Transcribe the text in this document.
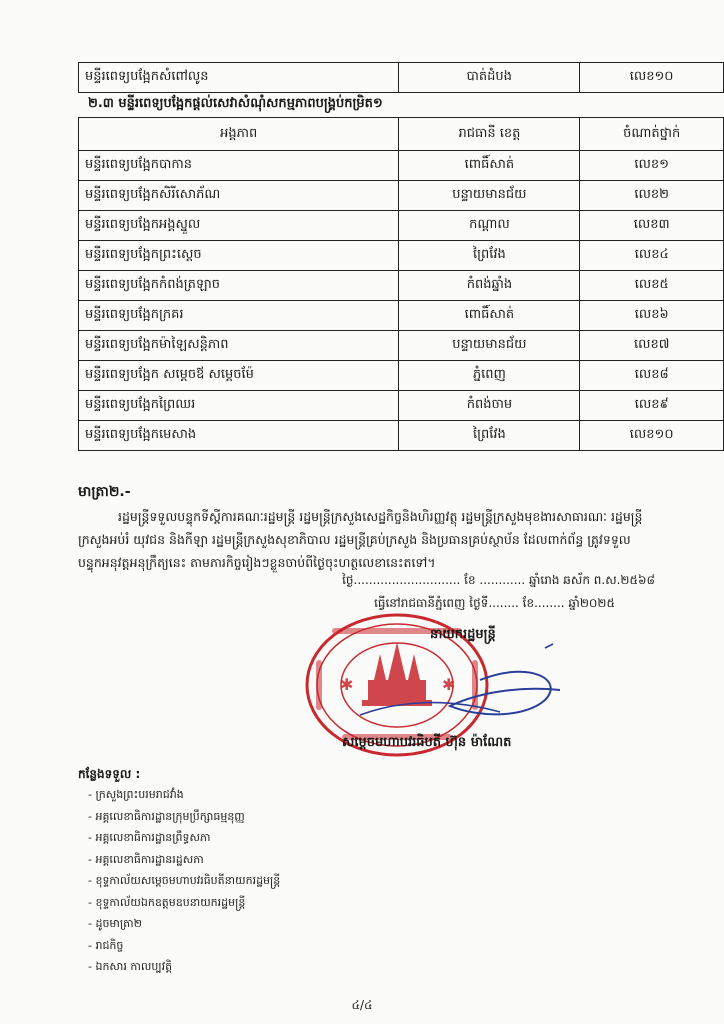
មន្ទីរពេទ្យបង្អែកសំពៅលូន	បាត់ដំបង	លេខ១០
២.៣ មន្ទីរពេទ្យបង្អែកផ្តល់សេវាសំណុំសកម្មភាពបង្គ្រប់កម្រិត១
អង្គភាព	រាជធានី ខេត្ត	ចំណាត់ថ្នាក់
មន្ទីរពេទ្យបង្អែកបាកាន	ពោធិ៍សាត់	លេខ១
មន្ទីរពេទ្យបង្អែកសិរីសោភ័ណ	បន្ទាយមានជ័យ	លេខ២
មន្ទីរពេទ្យបង្អែកអង្គស្នួល	កណ្តាល	លេខ៣
មន្ទីរពេទ្យបង្អែកព្រះស្តេច	ព្រៃវែង	លេខ៤
មន្ទីរពេទ្យបង្អែកកំពង់ត្រឡាច	កំពង់ឆ្នាំង	លេខ៥
មន្ទីរពេទ្យបង្អែកក្រគរ	ពោធិ៍សាត់	លេខ៦
មន្ទីរពេទ្យបង្អែកម៉ាឡៃសន្តិភាព	បន្ទាយមានជ័យ	លេខ៧
មន្ទីរពេទ្យបង្អែក សម្តេចឪ សម្តេចម៉ែ	ភ្នំពេញ	លេខ៨
មន្ទីរពេទ្យបង្អែកព្រៃឈរ	កំពង់ចាម	លេខ៩
មន្ទីរពេទ្យបង្អែកមេសាង	ព្រៃវែង	លេខ១០
មាត្រា២.-

រដ្ឋមន្ត្រីទទួលបន្ទុកទីស្តីការគណៈរដ្ឋមន្ត្រី រដ្ឋមន្ត្រីក្រសួងសេដ្ឋកិច្ចនិងហិរញ្ញវត្ថុ រដ្ឋមន្ត្រីក្រសួងមុខងារសាធារណៈ រដ្ឋមន្ត្រីក្រសួងអប់រំ យុវជន និងកីឡា រដ្ឋមន្ត្រីក្រសួងសុខាភិបាល រដ្ឋមន្ត្រីគ្រប់ក្រសួង និងប្រធានគ្រប់ស្ថាប័ន ដែលពាក់ព័ន្ធ ត្រូវទទួលបន្ទុកអនុវត្តអនុក្រឹត្យនេះ តាមភារកិច្ចរៀងៗខ្លួនចាប់ពីថ្ងៃចុះហត្ថលេខានេះតទៅ។

ថ្ងៃ............................ ខែ ............ ឆ្នាំរោង ឆស័ក ព.ស.២៥៦៨
ធ្វើនៅរាជធានីភ្នំពេញ ថ្ងៃទី........ ខែ........ ឆ្នាំ២០២៥
✱	✱
នាយករដ្ឋមន្ត្រី
សម្តេចមហាបវរធិបតី ហ៊ុន ម៉ាណែត
កន្លែងទទួល :
- ក្រសួងព្រះបរមរាជវាំង
- អគ្គលេខាធិការដ្ឋានក្រុមប្រឹក្សាធម្មនុញ្ញ
- អគ្គលេខាធិការដ្ឋានព្រឹទ្ធសភា
- អគ្គលេខាធិការដ្ឋានរដ្ឋសភា
- ខុទ្ទកាល័យសម្តេចមហាបវរធិបតីនាយករដ្ឋមន្ត្រី
- ខុទ្ទកាល័យឯកឧត្តមឧបនាយករដ្ឋមន្ត្រី
- ដូចមាត្រា២
- រាជកិច្ច
- ឯកសារ កាលប្បវត្តិ
៤/៤
